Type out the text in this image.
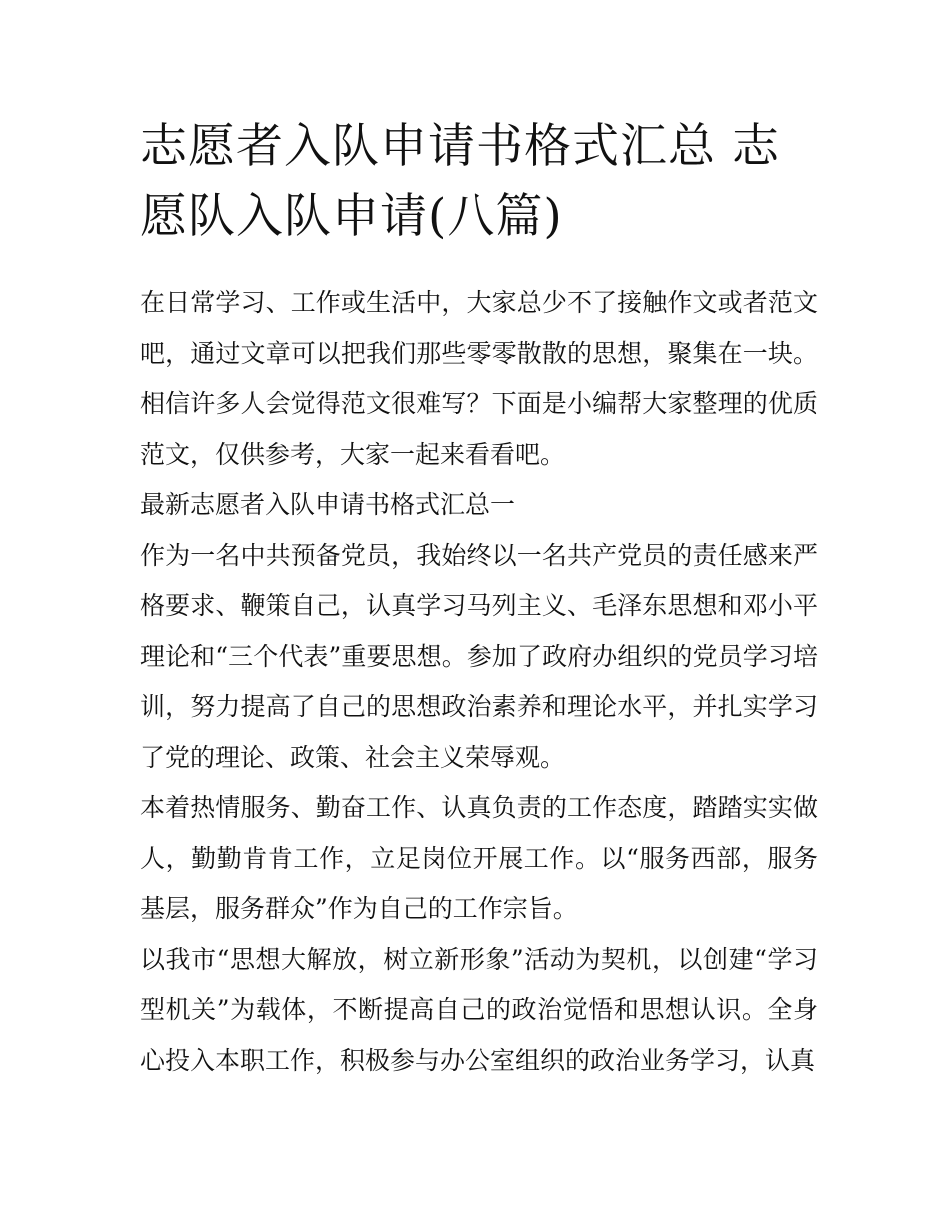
志愿者入队申请书格式汇总 志愿队入队申请(八篇)

在日常学习、工作或生活中，大家总少不了接触作文或者范文吧，通过文章可以把我们那些零零散散的思想，聚集在一块。相信许多人会觉得范文很难写？下面是小编帮大家整理的优质范文，仅供参考，大家一起来看看吧。

最新志愿者入队申请书格式汇总一

作为一名中共预备党员，我始终以一名共产党员的责任感来严格要求、鞭策自己，认真学习马列主义、毛泽东思想和邓小平理论和“三个代表”重要思想。参加了政府办组织的党员学习培训，努力提高了自己的思想政治素养和理论水平，并扎实学习了党的理论、政策、社会主义荣辱观。

本着热情服务、勤奋工作、认真负责的工作态度，踏踏实实做人，勤勤肯肯工作，立足岗位开展工作。以“服务西部，服务基层，服务群众”作为自己的工作宗旨。

以我市“思想大解放，树立新形象”活动为契机，以创建“学习型机关”为载体，不断提高自己的政治觉悟和思想认识。全身心投入本职工作，积极参与办公室组织的政治业务学习，认真
